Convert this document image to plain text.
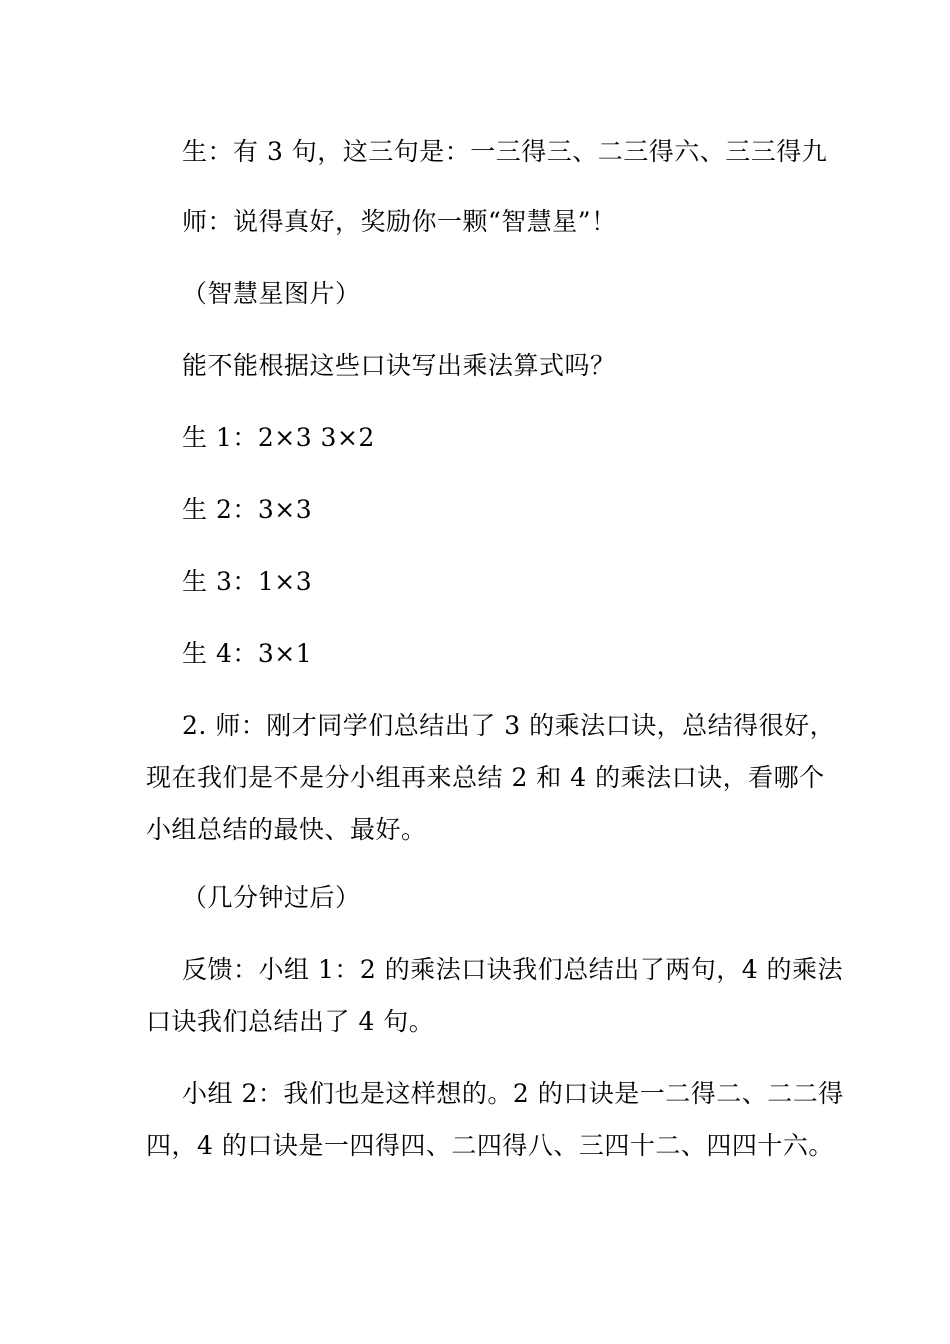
生：有 3 句，这三句是：一三得三、二三得六、三三得九
师：说得真好，奖励你一颗“智慧星”！
（智慧星图片）
能不能根据这些口诀写出乘法算式吗？
生 1：2×3 3×2
生 2：3×3
生 3：1×3
生 4：3×1
2. 师：刚才同学们总结出了 3 的乘法口诀，总结得很好，
现在我们是不是分小组再来总结 2 和 4 的乘法口诀，看哪个
小组总结的最快、最好。
（几分钟过后）
反馈：小组 1：2 的乘法口诀我们总结出了两句，4 的乘法
口诀我们总结出了 4 句。
小组 2：我们也是这样想的。2 的口诀是一二得二、二二得
四，4 的口诀是一四得四、二四得八、三四十二、四四十六。
